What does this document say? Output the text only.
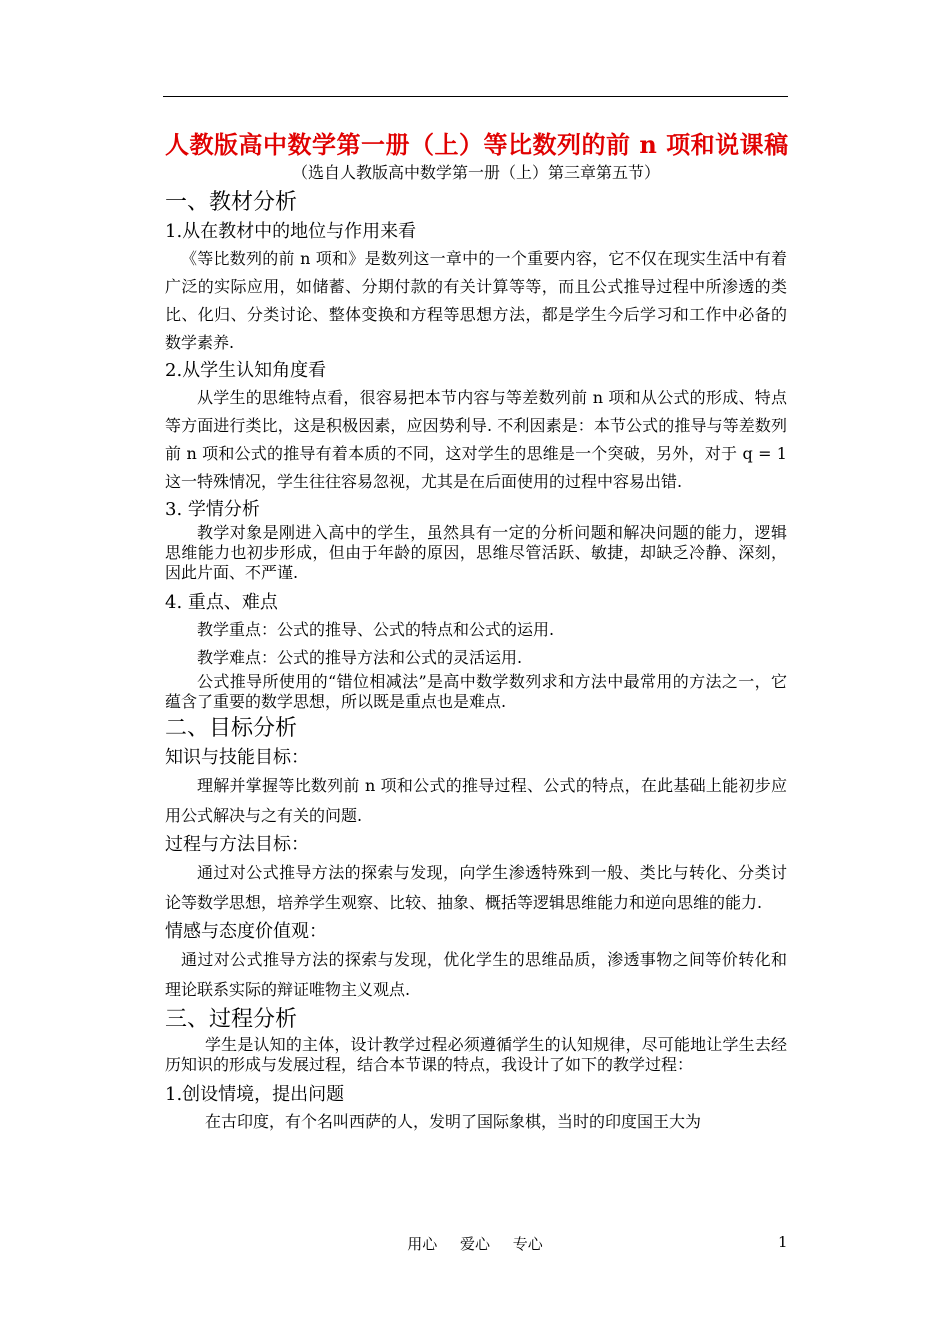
人教版高中数学第一册（上）等比数列的前 n 项和说课稿
（选自人教版高中数学第一册（上）第三章第五节）
一、教材分析
1.从在教材中的地位与作用来看

《等比数列的前 n 项和》是数列这一章中的一个重要内容，它不仅在现实生活中有着广泛的实际应用，如储蓄、分期付款的有关计算等等，而且公式推导过程中所渗透的类比、化归、分类讨论、整体变换和方程等思想方法，都是学生今后学习和工作中必备的数学素养.

2.从学生认知角度看

从学生的思维特点看，很容易把本节内容与等差数列前 n 项和从公式的形成、特点等方面进行类比，这是积极因素，应因势利导. 不利因素是：本节公式的推导与等差数列前 n 项和公式的推导有着本质的不同，这对学生的思维是一个突破，另外，对于 q = 1 这一特殊情况，学生往往容易忽视，尤其是在后面使用的过程中容易出错.

3. 学情分析

教学对象是刚进入高中的学生，虽然具有一定的分析问题和解决问题的能力，逻辑思维能力也初步形成，但由于年龄的原因，思维尽管活跃、敏捷，却缺乏冷静、深刻，因此片面、不严谨.

4. 重点、难点

教学重点：公式的推导、公式的特点和公式的运用.

教学难点：公式的推导方法和公式的灵活运用.

公式推导所使用的“错位相减法”是高中数学数列求和方法中最常用的方法之一，它蕴含了重要的数学思想，所以既是重点也是难点.

二、目标分析
知识与技能目标：

理解并掌握等比数列前 n 项和公式的推导过程、公式的特点，在此基础上能初步应用公式解决与之有关的问题.

过程与方法目标：

通过对公式推导方法的探索与发现，向学生渗透特殊到一般、类比与转化、分类讨论等数学思想，培养学生观察、比较、抽象、概括等逻辑思维能力和逆向思维的能力.

情感与态度价值观：

通过对公式推导方法的探索与发现，优化学生的思维品质，渗透事物之间等价转化和理论联系实际的辩证唯物主义观点.

三、过程分析

学生是认知的主体，设计教学过程必须遵循学生的认知规律，尽可能地让学生去经历知识的形成与发展过程，结合本节课的特点，我设计了如下的教学过程：

1.创设情境，提出问题

在古印度，有个名叫西萨的人，发明了国际象棋，当时的印度国王大为

用心 爱心 专心	1
